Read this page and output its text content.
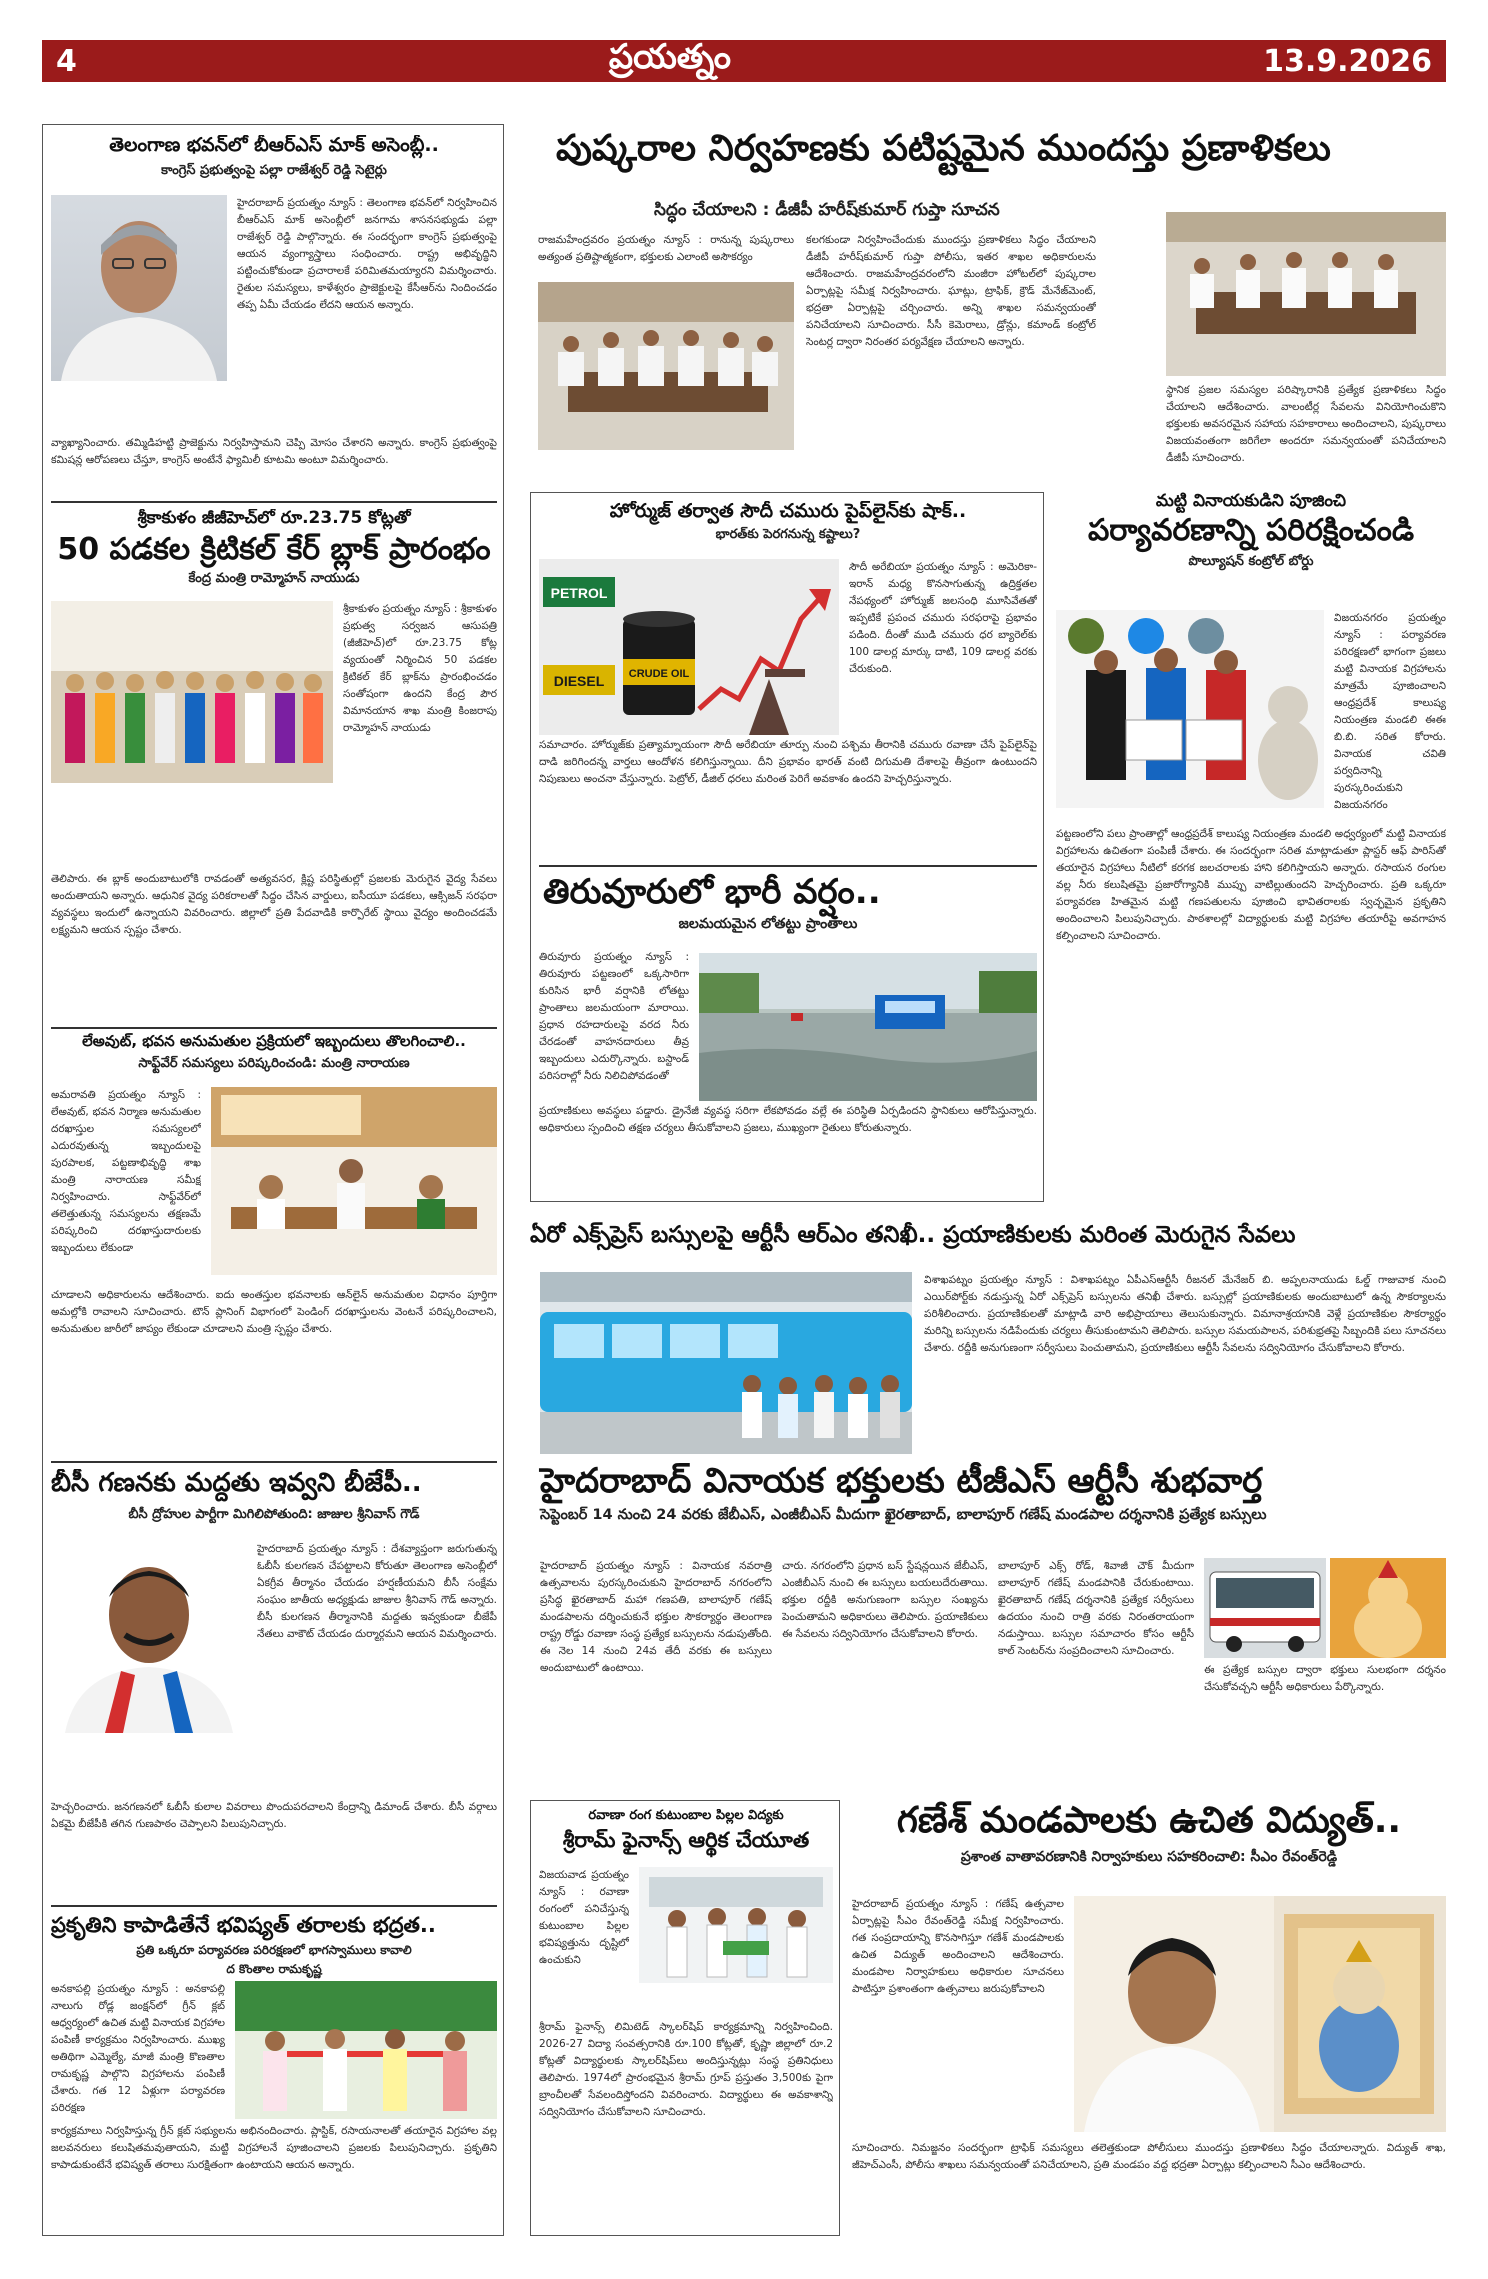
4	ప్రయత్నం	13.9.2026
తెలంగాణ భవన్‌లో బీఆర్ఎస్ మాక్ అసెంబ్లీ..
కాంగ్రెస్ ప్రభుత్వంపై పల్లా రాజేశ్వర్ రెడ్డి సెటైర్లు
హైదరాబాద్ ప్రయత్నం న్యూస్ : తెలంగాణ భవన్‌లో నిర్వహించిన బీఆర్ఎస్ మాక్ అసెంబ్లీలో జనగామ శాసనసభ్యుడు పల్లా రాజేశ్వర్ రెడ్డి పాల్గొన్నారు. ఈ సందర్భంగా కాంగ్రెస్ ప్రభుత్వంపై ఆయన వ్యంగ్యాస్త్రాలు సంధించారు. రాష్ట్ర అభివృద్ధిని పట్టించుకోకుండా ప్రచారాలకే పరిమితమయ్యారని విమర్శించారు. రైతుల సమస్యలు, కాళేశ్వరం ప్రాజెక్టులపై కేసీఆర్‌ను నిందించడం తప్ప ఏమీ చేయడం లేదని ఆయన అన్నారు.
వ్యాఖ్యానించారు. తమ్మిడిహట్టి ప్రాజెక్టును నిర్వహిస్తామని చెప్పి మోసం చేశారని అన్నారు. కాంగ్రెస్ ప్రభుత్వంపై కమిషన్ల ఆరోపణలు చేస్తూ, కాంగ్రెస్ అంటేనే ఫ్యామిలీ కూటమి అంటూ విమర్శించారు.
శ్రీకాకుళం జీజీహెచ్‌లో రూ.23.75 కోట్లతో
50 పడకల క్రిటికల్ కేర్ బ్లాక్ ప్రారంభం
కేంద్ర మంత్రి రామ్మోహన్ నాయుడు
శ్రీకాకుళం ప్రయత్నం న్యూస్ : శ్రీకాకుళం ప్రభుత్వ సర్వజన ఆసుపత్రి (జీజీహెచ్)లో రూ.23.75 కోట్ల వ్యయంతో నిర్మించిన 50 పడకల క్రిటికల్ కేర్ బ్లాక్‌ను ప్రారంభించడం సంతోషంగా ఉందని కేంద్ర పౌర విమానయాన శాఖ మంత్రి కింజరాపు రామ్మోహన్ నాయుడు
తెలిపారు. ఈ బ్లాక్ అందుబాటులోకి రావడంతో అత్యవసర, క్లిష్ట పరిస్థితుల్లో ప్రజలకు మెరుగైన వైద్య సేవలు అందుతాయని అన్నారు. ఆధునిక వైద్య పరికరాలతో సిద్ధం చేసిన వార్డులు, ఐసీయూ పడకలు, ఆక్సిజన్ సరఫరా వ్యవస్థలు ఇందులో ఉన్నాయని వివరించారు. జిల్లాలో ప్రతి పేదవాడికి కార్పొరేట్ స్థాయి వైద్యం అందించడమే లక్ష్యమని ఆయన స్పష్టం చేశారు.
లేఅవుట్, భవన అనుమతుల ప్రక్రియలో ఇబ్బందులు తొలగించాలి..
సాఫ్ట్‌వేర్ సమస్యలు పరిష్కరించండి: మంత్రి నారాయణ
అమరావతి ప్రయత్నం న్యూస్ : లేఅవుట్, భవన నిర్మాణ అనుమతుల దరఖాస్తుల సమస్యలలో ఎదురవుతున్న ఇబ్బందులపై పురపాలక, పట్టణాభివృద్ధి శాఖ మంత్రి నారాయణ సమీక్ష నిర్వహించారు. సాఫ్ట్‌వేర్‌లో తలెత్తుతున్న సమస్యలను తక్షణమే పరిష్కరించి దరఖాస్తుదారులకు ఇబ్బందులు లేకుండా
చూడాలని అధికారులను ఆదేశించారు. ఐదు అంతస్తుల భవనాలకు ఆన్‌లైన్ అనుమతుల విధానం పూర్తిగా అమల్లోకి రావాలని సూచించారు. టౌన్ ప్లానింగ్ విభాగంలో పెండింగ్ దరఖాస్తులను వెంటనే పరిష్కరించాలని, అనుమతుల జారీలో జాప్యం లేకుండా చూడాలని మంత్రి స్పష్టం చేశారు.
బీసీ గణనకు మద్దతు ఇవ్వని బీజేపీ..
బీసీ ద్రోహుల పార్టీగా మిగిలిపోతుంది: జాజుల శ్రీనివాస్ గౌడ్
హైదరాబాద్ ప్రయత్నం న్యూస్ : దేశవ్యాప్తంగా జరుగుతున్న ఓబీసీ కులగణన చేపట్టాలని కోరుతూ తెలంగాణ అసెంబ్లీలో ఏకగ్రీవ తీర్మానం చేయడం హర్షణీయమని బీసీ సంక్షేమ సంఘం జాతీయ అధ్యక్షుడు జాజుల శ్రీనివాస్ గౌడ్ అన్నారు. బీసీ కులగణన తీర్మానానికి మద్దతు ఇవ్వకుండా బీజేపీ నేతలు వాకౌట్ చేయడం దుర్మార్గమని ఆయన విమర్శించారు.
హెచ్చరించారు. జనగణనలో ఓబీసీ కులాల వివరాలు పొందుపరచాలని కేంద్రాన్ని డిమాండ్ చేశారు. బీసీ వర్గాలు ఏకమై బీజేపీకి తగిన గుణపాఠం చెప్పాలని పిలుపునిచ్చారు.
ప్రకృతిని కాపాడితేనే భవిష్యత్ తరాలకు భద్రత..
ప్రతి ఒక్కరూ పర్యావరణ పరిరక్షణలో భాగస్వాములు కావాలి
ద కొంతాల రామకృష్ణ
అనకాపల్లి ప్రయత్నం న్యూస్ : అనకాపల్లి నాలుగు రోడ్ల జంక్షన్‌లో గ్రీన్ క్లబ్ ఆధ్వర్యంలో ఉచిత మట్టి వినాయక విగ్రహాల పంపిణీ కార్యక్రమం నిర్వహించారు. ముఖ్య అతిథిగా ఎమ్మెల్యే, మాజీ మంత్రి కొణతాల రామకృష్ణ పాల్గొని విగ్రహాలను పంపిణీ చేశారు. గత 12 ఏళ్లుగా పర్యావరణ పరిరక్షణ
కార్యక్రమాలు నిర్వహిస్తున్న గ్రీన్ క్లబ్ సభ్యులను అభినందించారు. ప్లాస్టిక్, రసాయనాలతో తయారైన విగ్రహాల వల్ల జలవనరులు కలుషితమవుతాయని, మట్టి విగ్రహాలనే పూజించాలని ప్రజలకు పిలుపునిచ్చారు. ప్రకృతిని కాపాడుకుంటేనే భవిష్యత్ తరాలు సురక్షితంగా ఉంటాయని ఆయన అన్నారు.
పుష్కరాల నిర్వహణకు పటిష్టమైన ముందస్తు ప్రణాళికలు
సిద్ధం చేయాలని : డీజీపీ హరీష్‌కుమార్ గుప్తా సూచన
రాజమహేంద్రవరం ప్రయత్నం న్యూస్ : రానున్న పుష్కరాలు అత్యంత ప్రతిష్టాత్మకంగా, భక్తులకు ఎలాంటి అసౌకర్యం
కలగకుండా నిర్వహించేందుకు ముందస్తు ప్రణాళికలు సిద్ధం చేయాలని డీజీపీ హరీష్‌కుమార్ గుప్తా పోలీసు, ఇతర శాఖల అధికారులను ఆదేశించారు. రాజమహేంద్రవరంలోని మంజీరా హోటల్‌లో పుష్కరాల ఏర్పాట్లపై సమీక్ష నిర్వహించారు. ఘాట్లు, ట్రాఫిక్, క్రౌడ్ మేనేజ్‌మెంట్, భద్రతా ఏర్పాట్లపై చర్చించారు. అన్ని శాఖల సమన్వయంతో పనిచేయాలని సూచించారు. సీసీ కెమెరాలు, డ్రోన్లు, కమాండ్ కంట్రోల్ సెంటర్ల ద్వారా నిరంతర పర్యవేక్షణ చేయాలని అన్నారు.
స్థానిక ప్రజల సమస్యల పరిష్కారానికి ప్రత్యేక ప్రణాళికలు సిద్ధం చేయాలని ఆదేశించారు. వాలంటీర్ల సేవలను వినియోగించుకొని భక్తులకు అవసరమైన సహాయ సహకారాలు అందించాలని, పుష్కరాలు విజయవంతంగా జరిగేలా అందరూ సమన్వయంతో పనిచేయాలని డీజీపీ సూచించారు.
హోర్ముజ్ తర్వాత సౌదీ చమురు పైప్‌లైన్‌కు షాక్..
భారత్‌కు పెరగనున్న కష్టాలు?
PETROL
DIESEL CRUDE OIL
సౌదీ అరేబియా ప్రయత్నం న్యూస్ : అమెరికా-ఇరాన్ మధ్య కొనసాగుతున్న ఉద్రిక్తతల నేపథ్యంలో హోర్ముజ్ జలసంధి మూసివేతతో ఇప్పటికే ప్రపంచ చమురు సరఫరాపై ప్రభావం పడింది. దీంతో ముడి చమురు ధర బ్యారెల్‌కు 100 డాలర్ల మార్కు దాటి, 109 డాలర్ల వరకు చేరుకుంది.
సమాచారం. హోర్ముజ్‌కు ప్రత్యామ్నాయంగా సౌదీ అరేబియా తూర్పు నుంచి పశ్చిమ తీరానికి చమురు రవాణా చేసే పైప్‌లైన్‌పై దాడి జరిగిందన్న వార్తలు ఆందోళన కలిగిస్తున్నాయి. దీని ప్రభావం భారత్ వంటి దిగుమతి దేశాలపై తీవ్రంగా ఉంటుందని నిపుణులు అంచనా వేస్తున్నారు. పెట్రోల్, డీజిల్ ధరలు మరింత పెరిగే అవకాశం ఉందని హెచ్చరిస్తున్నారు.
తిరువూరులో భారీ వర్షం..
జలమయమైన లోతట్టు ప్రాంతాలు
తిరువూరు ప్రయత్నం న్యూస్ : తిరువూరు పట్టణంలో ఒక్కసారిగా కురిసిన భారీ వర్షానికి లోతట్టు ప్రాంతాలు జలమయంగా మారాయి. ప్రధాన రహదారులపై వరద నీరు చేరడంతో వాహనదారులు తీవ్ర ఇబ్బందులు ఎదుర్కొన్నారు. బస్టాండ్ పరిసరాల్లో నీరు నిలిచిపోవడంతో
ప్రయాణికులు అవస్థలు పడ్డారు. డ్రైనేజీ వ్యవస్థ సరిగా లేకపోవడం వల్లే ఈ పరిస్థితి ఏర్పడిందని స్థానికులు ఆరోపిస్తున్నారు. అధికారులు స్పందించి తక్షణ చర్యలు తీసుకోవాలని ప్రజలు, ముఖ్యంగా రైతులు కోరుతున్నారు.
మట్టి వినాయకుడిని పూజించి
పర్యావరణాన్ని పరిరక్షించండి
పొల్యూషన్ కంట్రోల్ బోర్డు
విజయనగరం ప్రయత్నం న్యూస్ : పర్యావరణ పరిరక్షణలో భాగంగా ప్రజలు మట్టి వినాయక విగ్రహాలను మాత్రమే పూజించాలని ఆంధ్రప్రదేశ్ కాలుష్య నియంత్రణ మండలి ఈఈ బి.బి. సరిత కోరారు. వినాయక చవితి పర్వదినాన్ని పురస్కరించుకుని విజయనగరం
పట్టణంలోని పలు ప్రాంతాల్లో ఆంధ్రప్రదేశ్ కాలుష్య నియంత్రణ మండలి అధ్వర్యంలో మట్టి వినాయక విగ్రహాలను ఉచితంగా పంపిణీ చేశారు. ఈ సందర్భంగా సరిత మాట్లాడుతూ ప్లాస్టర్ ఆఫ్ పారిస్‌తో తయారైన విగ్రహాలు నీటిలో కరగక జలచరాలకు హాని కలిగిస్తాయని అన్నారు. రసాయన రంగుల వల్ల నీరు కలుషితమై ప్రజారోగ్యానికి ముప్పు వాటిల్లుతుందని హెచ్చరించారు. ప్రతి ఒక్కరూ పర్యావరణ హితమైన మట్టి గణపతులను పూజించి భావితరాలకు స్వచ్ఛమైన ప్రకృతిని అందించాలని పిలుపునిచ్చారు. పాఠశాలల్లో విద్యార్థులకు మట్టి విగ్రహాల తయారీపై అవగాహన కల్పించాలని సూచించారు.
ఏరో ఎక్స్‌ప్రెస్ బస్సులపై ఆర్టీసీ ఆర్ఎం తనిఖీ.. ప్రయాణికులకు మరింత మెరుగైన సేవలు
విశాఖపట్నం ప్రయత్నం న్యూస్ : విశాఖపట్నం ఏపీఎస్ఆర్టీసీ రీజనల్ మేనేజర్ బి. అప్పలనాయుడు ఓల్డ్ గాజువాక నుంచి ఎయిర్‌పోర్ట్‌కు నడుస్తున్న ఏరో ఎక్స్‌ప్రెస్ బస్సులను తనిఖీ చేశారు. బస్సుల్లో ప్రయాణికులకు అందుబాటులో ఉన్న సౌకర్యాలను పరిశీలించారు. ప్రయాణికులతో మాట్లాడి వారి అభిప్రాయాలు తెలుసుకున్నారు. విమానాశ్రయానికి వెళ్లే ప్రయాణికుల సౌకర్యార్థం మరిన్ని బస్సులను నడిపేందుకు చర్యలు తీసుకుంటామని తెలిపారు. బస్సుల సమయపాలన, పరిశుభ్రతపై సిబ్బందికి పలు సూచనలు చేశారు. రద్దీకి అనుగుణంగా సర్వీసులు పెంచుతామని, ప్రయాణికులు ఆర్టీసీ సేవలను సద్వినియోగం చేసుకోవాలని కోరారు.
హైదరాబాద్ వినాయక భక్తులకు టీజీఎస్ ఆర్టీసీ శుభవార్త
సెప్టెంబర్ 14 నుంచి 24 వరకు జేబీఎస్, ఎంజీబీఎస్ మీదుగా ఖైరతాబాద్, బాలాపూర్ గణేష్ మండపాల దర్శనానికి ప్రత్యేక బస్సులు
హైదరాబాద్ ప్రయత్నం న్యూస్ : వినాయక నవరాత్రి ఉత్సవాలను పురస్కరించుకుని హైదరాబాద్ నగరంలోని ప్రసిద్ధ ఖైరతాబాద్ మహా గణపతి, బాలాపూర్ గణేష్ మండపాలను దర్శించుకునే భక్తుల సౌకర్యార్థం తెలంగాణ రాష్ట్ర రోడ్డు రవాణా సంస్థ ప్రత్యేక బస్సులను నడుపుతోంది. ఈ నెల 14 నుంచి 24వ తేదీ వరకు ఈ బస్సులు అందుబాటులో ఉంటాయి.
చారు. నగరంలోని ప్రధాన బస్ స్టేషన్లయిన జేబీఎస్, ఎంజీబీఎస్ నుంచి ఈ బస్సులు బయలుదేరుతాయి. భక్తుల రద్దీకి అనుగుణంగా బస్సుల సంఖ్యను పెంచుతామని అధికారులు తెలిపారు. ప్రయాణికులు ఈ సేవలను సద్వినియోగం చేసుకోవాలని కోరారు.
బాలాపూర్ ఎక్స్ రోడ్, శివాజీ చౌక్ మీదుగా బాలాపూర్ గణేష్ మండపానికి చేరుకుంటాయి. ఖైరతాబాద్ గణేష్ దర్శనానికి ప్రత్యేక సర్వీసులు ఉదయం నుంచి రాత్రి వరకు నిరంతరాయంగా నడుస్తాయి. బస్సుల సమాచారం కోసం ఆర్టీసీ కాల్ సెంటర్‌ను సంప్రదించాలని సూచించారు.
ఈ ప్రత్యేక బస్సుల ద్వారా భక్తులు సులభంగా దర్శనం చేసుకోవచ్చని ఆర్టీసీ అధికారులు పేర్కొన్నారు.
రవాణా రంగ కుటుంబాల పిల్లల విద్యకు
శ్రీరామ్ ఫైనాన్స్ ఆర్థిక చేయూత
విజయవాడ ప్రయత్నం న్యూస్ : రవాణా రంగంలో పనిచేస్తున్న కుటుంబాల పిల్లల భవిష్యత్తును దృష్టిలో ఉంచుకుని
శ్రీరామ్ ఫైనాన్స్ లిమిటెడ్ స్కాలర్‌షిప్ కార్యక్రమాన్ని నిర్వహించింది. 2026-27 విద్యా సంవత్సరానికి రూ.100 కోట్లతో, కృష్ణా జిల్లాలో రూ.2 కోట్లతో విద్యార్థులకు స్కాలర్‌షిప్‌లు అందిస్తున్నట్లు సంస్థ ప్రతినిధులు తెలిపారు. 1974లో ప్రారంభమైన శ్రీరామ్ గ్రూప్ ప్రస్తుతం 3,500కు పైగా బ్రాంచీలతో సేవలందిస్తోందని వివరించారు. విద్యార్థులు ఈ అవకాశాన్ని సద్వినియోగం చేసుకోవాలని సూచించారు.
గణేశ్ మండపాలకు ఉచిత విద్యుత్..
ప్రశాంత వాతావరణానికి నిర్వాహకులు సహకరించాలి: సీఎం రేవంత్‌రెడ్డి
హైదరాబాద్ ప్రయత్నం న్యూస్ : గణేష్ ఉత్సవాల ఏర్పాట్లపై సీఎం రేవంత్‌రెడ్డి సమీక్ష నిర్వహించారు. గత సంప్రదాయాన్ని కొనసాగిస్తూ గణేశ్ మండపాలకు ఉచిత విద్యుత్ అందించాలని ఆదేశించారు. మండపాల నిర్వాహకులు అధికారుల సూచనలు పాటిస్తూ ప్రశాంతంగా ఉత్సవాలు జరుపుకోవాలని
సూచించారు. నిమజ్జనం సందర్భంగా ట్రాఫిక్ సమస్యలు తలెత్తకుండా పోలీసులు ముందస్తు ప్రణాళికలు సిద్ధం చేయాలన్నారు. విద్యుత్ శాఖ, జీహెచ్ఎంసీ, పోలీసు శాఖలు సమన్వయంతో పనిచేయాలని, ప్రతి మండపం వద్ద భద్రతా ఏర్పాట్లు కల్పించాలని సీఎం ఆదేశించారు.
